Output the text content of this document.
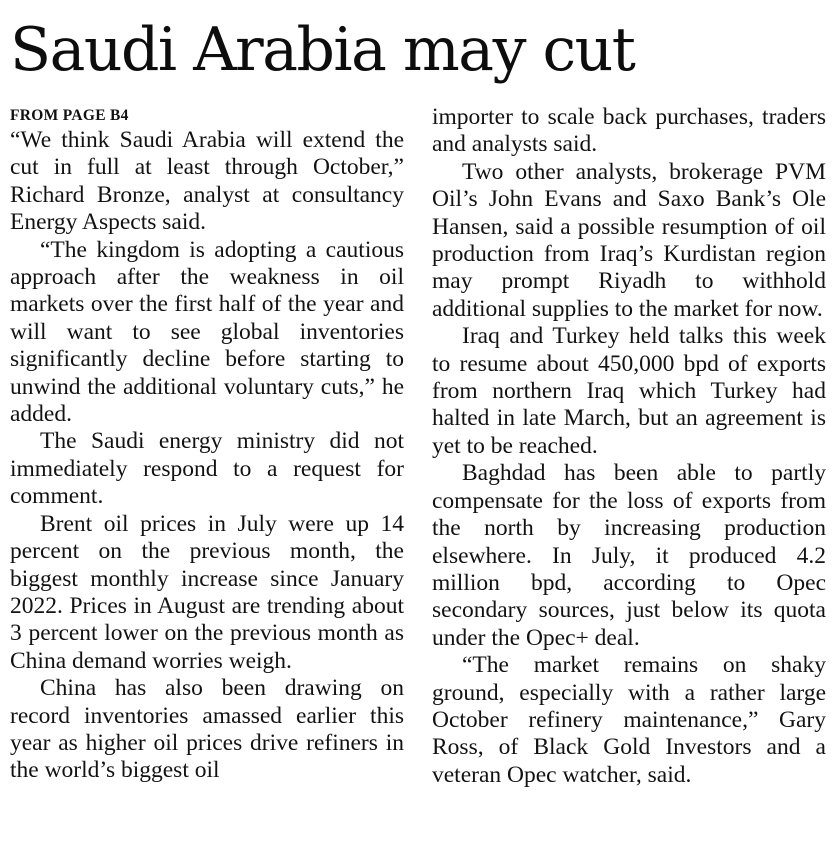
Saudi Arabia may cut
FROM PAGE B4

“We think Saudi Arabia will extend the cut in full at least through October,” Richard Bronze, analyst at consultancy Energy Aspects said.

“The kingdom is adopting a cautious approach after the weakness in oil markets over the first half of the year and will want to see global inventories significantly decline before starting to unwind the additional voluntary cuts,” he added.

The Saudi energy ministry did not immediately respond to a request for comment.

Brent oil prices in July were up 14 percent on the previous month, the biggest monthly increase since January 2022. Prices in August are trending about 3 percent lower on the previous month as China demand worries weigh.

China has also been drawing on record inventories amassed earlier this year as higher oil prices drive refiners in the world’s biggest oil

importer to scale back purchases, traders and analysts said.

Two other analysts, brokerage PVM Oil’s John Evans and Saxo Bank’s Ole Hansen, said a possible resumption of oil production from Iraq’s Kurdistan region may prompt Riyadh to withhold additional supplies to the market for now.

Iraq and Turkey held talks this week to resume about 450,000 bpd of exports from northern Iraq which Turkey had halted in late March, but an agreement is yet to be reached.

Baghdad has been able to partly compensate for the loss of exports from the north by increasing production elsewhere. In July, it produced 4.2 million bpd, according to Opec secondary sources, just below its quota under the Opec+ deal.

“The market remains on shaky ground, especially with a rather large October refinery maintenance,” Gary Ross, of Black Gold Investors and a veteran Opec watcher, said.
